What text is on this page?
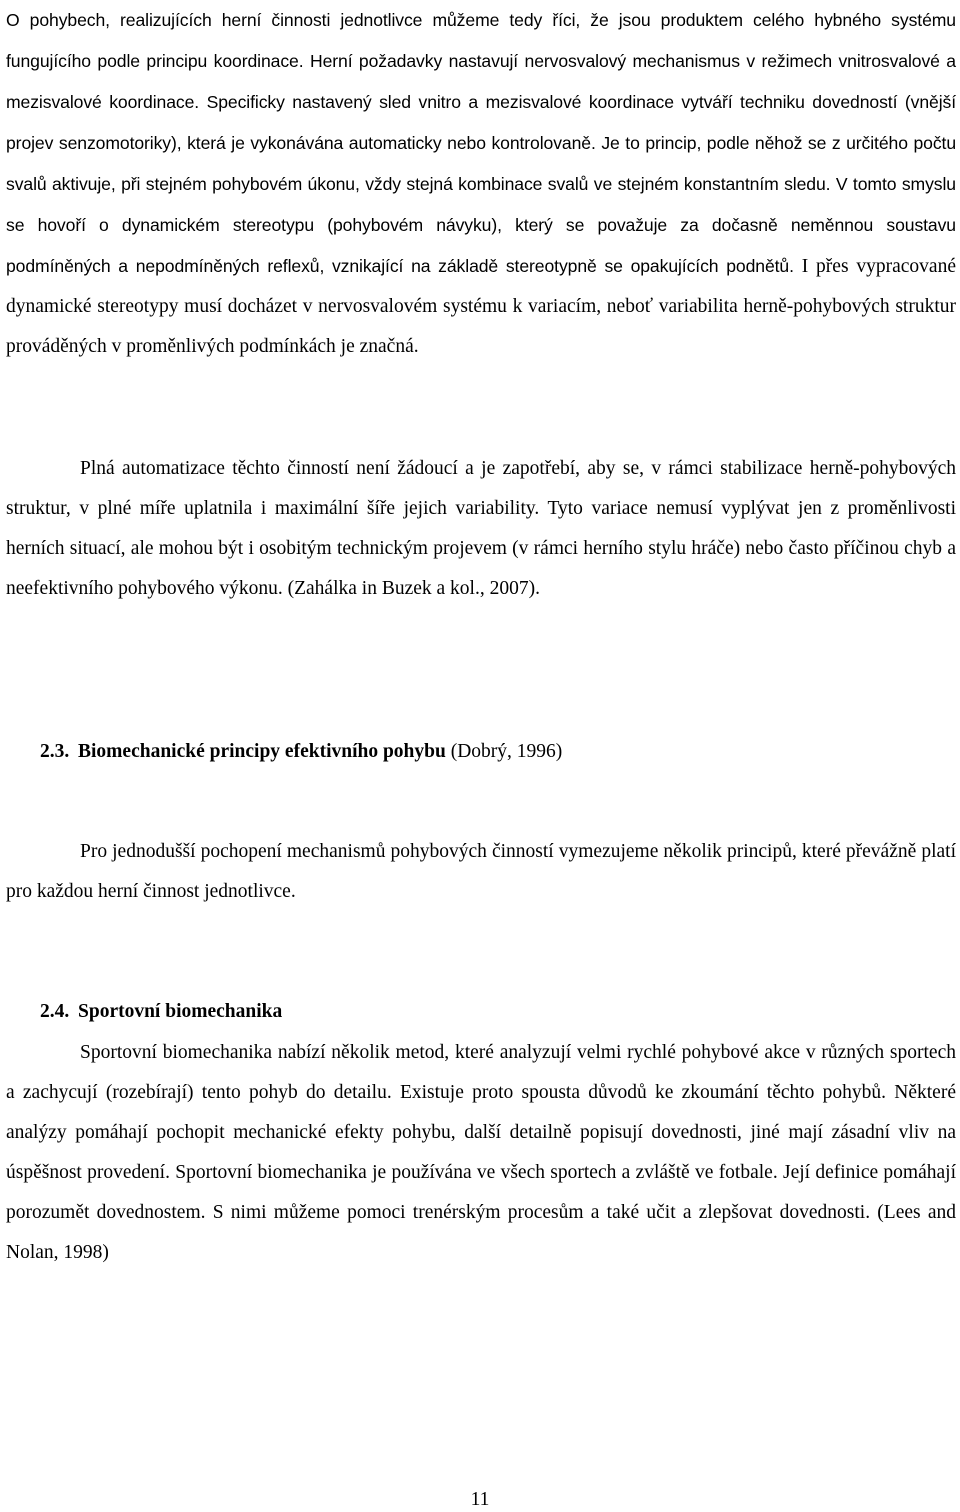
O pohybech, realizujících herní činnosti jednotlivce můžeme tedy říci, že jsou produktem celého hybného systému fungujícího podle principu koordinace. Herní požadavky nastavují nervosvalový mechanismus v režimech vnitrosvalové a mezisvalové koordinace. Specificky nastavený sled vnitro a mezisvalové koordinace vytváří techniku dovedností (vnější projev senzomotoriky), která je vykonávána automaticky nebo kontrolovaně. Je to princip, podle něhož se z určitého počtu svalů aktivuje, při stejném pohybovém úkonu, vždy stejná kombinace svalů ve stejném konstantním sledu. V tomto smyslu se hovoří o dynamickém stereotypu (pohybovém návyku), který se považuje za dočasně neměnnou soustavu podmíněných a nepodmíněných reflexů, vznikající na základě stereotypně se opakujících podnětů. I přes vypracované dynamické stereotypy musí docházet v nervosvalovém systému k variacím, neboť variabilita herně-pohybových struktur prováděných v proměnlivých podmínkách je značná.

Plná automatizace těchto činností není žádoucí a je zapotřebí, aby se, v rámci stabilizace herně-pohybových struktur, v plné míře uplatnila i maximální šíře jejich variability. Tyto variace nemusí vyplývat jen z proměnlivosti herních situací, ale mohou být i osobitým technickým projevem (v rámci herního stylu hráče) nebo často příčinou chyb a neefektivního pohybového výkonu. (Zahálka in Buzek a kol., 2007).

2.3. Biomechanické principy efektivního pohybu (Dobrý, 1996)

Pro jednodušší pochopení mechanismů pohybových činností vymezujeme několik principů, které převážně platí pro každou herní činnost jednotlivce.

2.4. Sportovní biomechanika

Sportovní biomechanika nabízí několik metod, které analyzují velmi rychlé pohybové akce v různých sportech a zachycují (rozebírají) tento pohyb do detailu. Existuje proto spousta důvodů ke zkoumání těchto pohybů. Některé analýzy pomáhají pochopit mechanické efekty pohybu, další detailně popisují dovednosti, jiné mají zásadní vliv na úspěšnost provedení. Sportovní biomechanika je používána ve všech sportech a zvláště ve fotbale. Její definice pomáhají porozumět dovednostem. S nimi můžeme pomoci trenérským procesům a také učit a zlepšovat dovednosti. (Lees and Nolan, 1998)

11
